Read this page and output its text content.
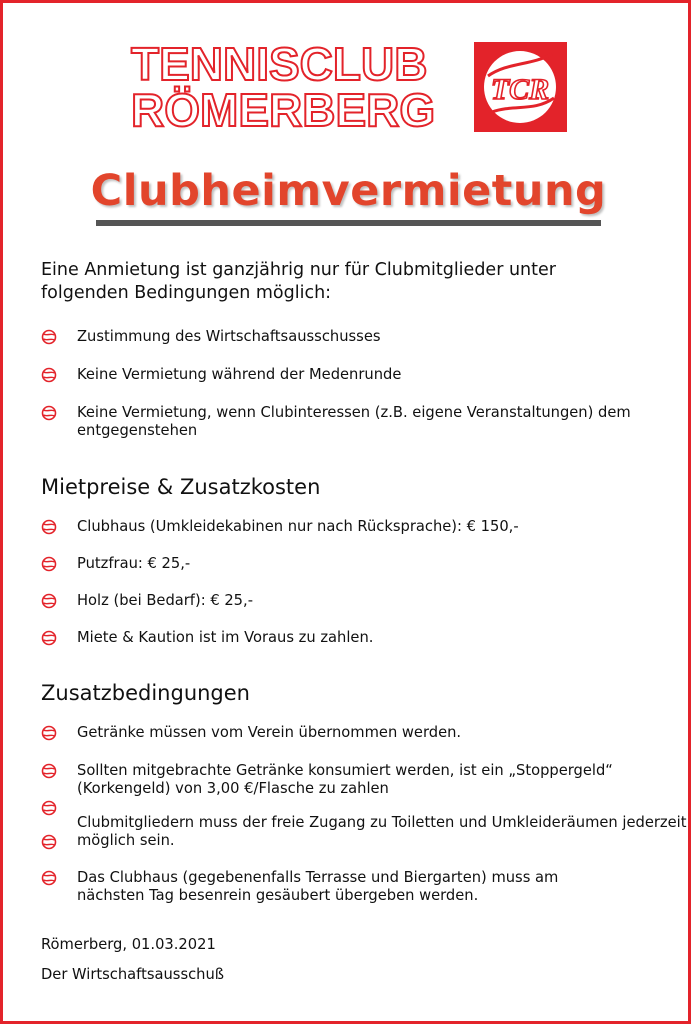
TENNISCLUB
RÖMERBERG	TCR
Clubheimvermietung
Eine Anmietung ist ganzjährig nur für Clubmitglieder unter folgenden Bedingungen möglich:
Zustimmung des Wirtschaftsausschusses
Keine Vermietung während der Medenrunde
Keine Vermietung, wenn Clubinteressen (z.B. eigene Veranstaltungen) dem entgegenstehen
Mietpreise & Zusatzkosten
Clubhaus (Umkleidekabinen nur nach Rücksprache): € 150,-
Putzfrau: € 25,-
Holz (bei Bedarf): € 25,-
Miete & Kaution ist im Voraus zu zahlen.
Zusatzbedingungen
Getränke müssen vom Verein übernommen werden.
Sollten mitgebrachte Getränke konsumiert werden, ist ein „Stoppergeld“
(Korkengeld) von 3,00 €/Flasche zu zahlen
Clubmitgliedern muss der freie Zugang zu Toiletten und Umkleideräumen jederzeit möglich sein.
Das Clubhaus (gegebenenfalls Terrasse und Biergarten) muss am nächsten Tag besenrein gesäubert übergeben werden.
Römerberg, 01.03.2021
Der Wirtschaftsausschuß
